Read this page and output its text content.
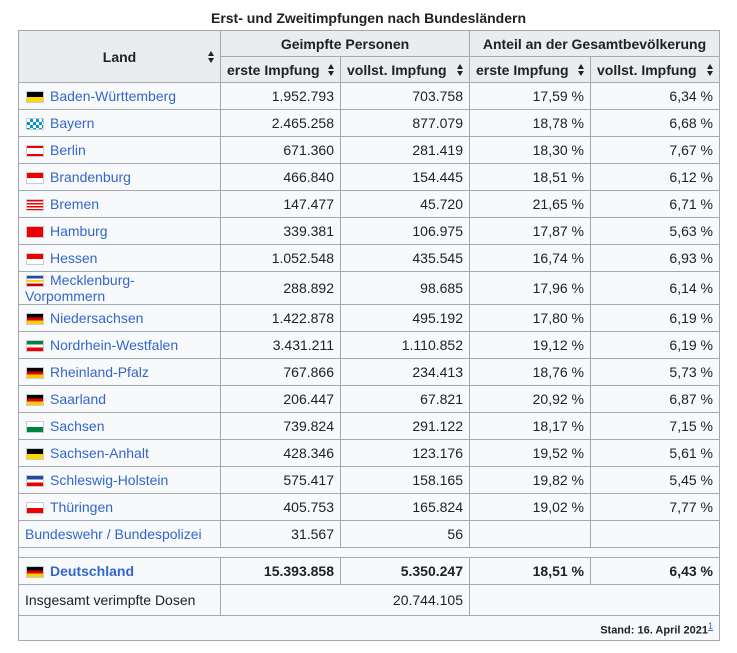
Erst- und Zweitimpfungen nach Bundesländern
Land	Geimpfte Personen		Anteil an der Gesamtbevölkerung	
	erste Impfung	vollst. Impfung	erste Impfung	vollst. Impfung

Baden-Württemberg	1.952.793	703.758	17,59 %	6,34 %
Bayern	2.465.258	877.079	18,78 %	6,68 %
Berlin	671.360	281.419	18,30 %	7,67 %
Brandenburg	466.840	154.445	18,51 %	6,12 %
Bremen	147.477	45.720	21,65 %	6,71 %
Hamburg	339.381	106.975	17,87 %	5,63 %
Hessen	1.052.548	435.545	16,74 %	6,93 %
Mecklenburg-Vorpommern	288.892	98.685	17,96 %	6,14 %
Niedersachsen	1.422.878	495.192	17,80 %	6,19 %
Nordrhein-Westfalen	3.431.211	1.110.852	19,12 %	6,19 %
Rheinland-Pfalz	767.866	234.413	18,76 %	5,73 %
Saarland	206.447	67.821	20,92 %	6,87 %
Sachsen	739.824	291.122	18,17 %	7,15 %
Sachsen-Anhalt	428.346	123.176	19,52 %	5,61 %
Schleswig-Holstein	575.417	158.165	19,82 %	5,45 %
Thüringen	405.753	165.824	19,02 %	7,77 %
Bundeswehr / Bundespolizei	31.567	56		

Deutschland	15.393.858	5.350.247	18,51 %	6,43 %
Insgesamt verimpfte Dosen	20.744.105			
Stand: 16. April 2021$^1$
